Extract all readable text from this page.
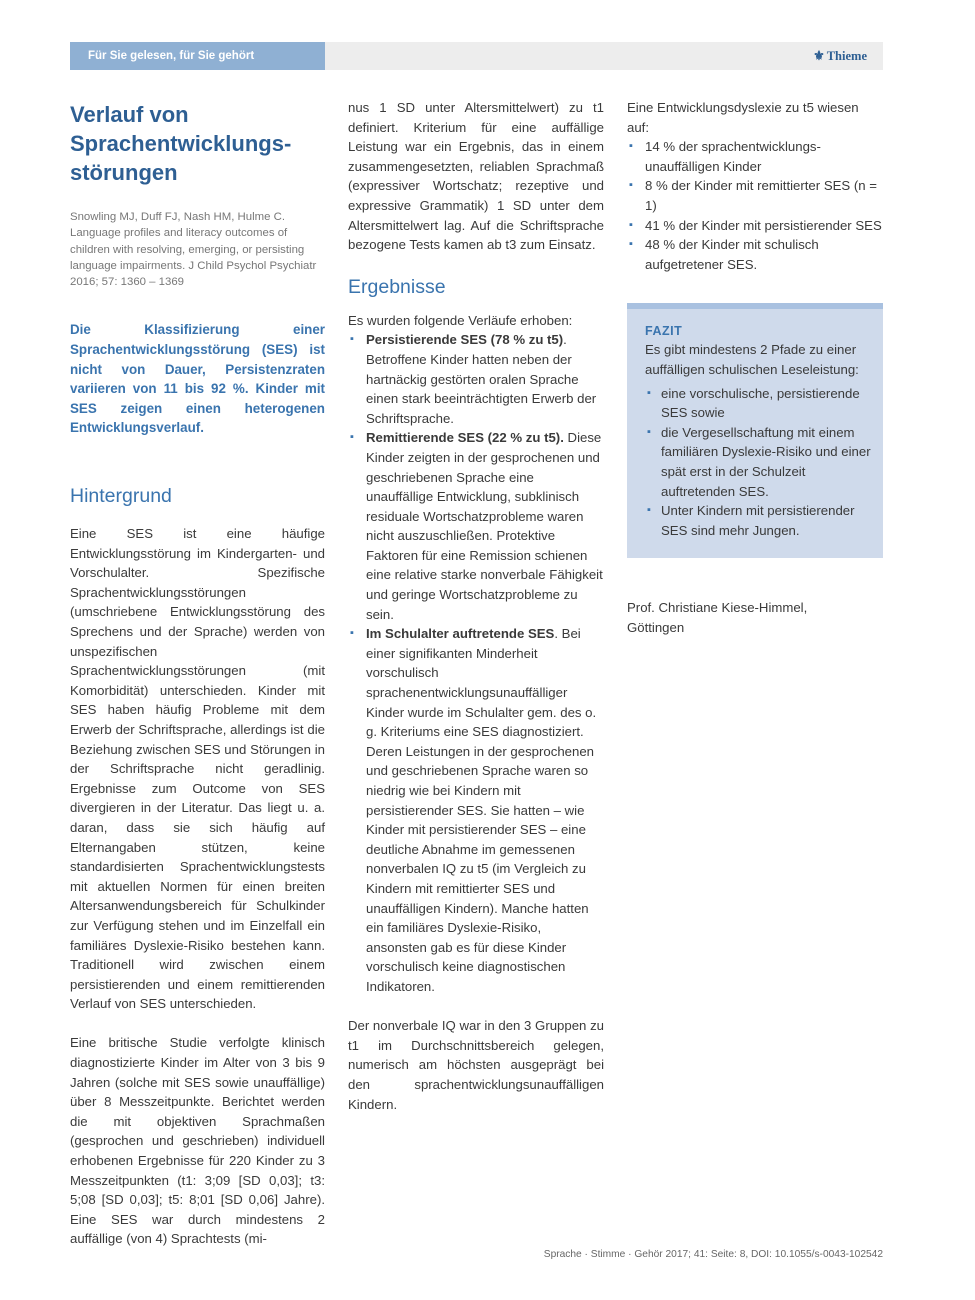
Für Sie gelesen, für Sie gehört	⚜ Thieme
Verlauf von
Sprachentwicklungs-
störungen
Snowling MJ, Duff FJ, Nash HM, Hulme C. Language profiles and literacy outcomes of children with resolving, emerging, or persisting language impairments. J Child Psychol Psychiatr 2016; 57: 1360 – 1369

Die Klassifizierung einer Sprachentwicklungsstörung (SES) ist nicht von Dauer, Persistenzraten variieren von 11 bis 92 %. Kinder mit SES zeigen einen heterogenen Entwicklungsverlauf.

Hintergrund

Eine SES ist eine häufige Entwicklungsstörung im Kindergarten- und Vorschulalter. Spezifische Sprachentwicklungsstörungen (umschriebene Entwicklungsstörung des Sprechens und der Sprache) werden von unspezifischen Sprachentwicklungsstörungen (mit Komorbidität) unterschieden. Kinder mit SES haben häufig Probleme mit dem Erwerb der Schriftsprache, allerdings ist die Beziehung zwischen SES und Störungen in der Schriftsprache nicht geradlinig. Ergebnisse zum Outcome von SES divergieren in der Literatur. Das liegt u. a. daran, dass sie sich häufig auf Elternangaben stützen, keine standardisierten Sprachentwicklungstests mit aktuellen Normen für einen breiten Altersanwendungsbereich für Schulkinder zur Verfügung stehen und im Einzelfall ein familiäres Dyslexie-Risiko bestehen kann. Traditionell wird zwischen einem persistierenden und einem remittierenden Verlauf von SES unterschieden.

Eine britische Studie verfolgte klinisch diagnostizierte Kinder im Alter von 3 bis 9 Jahren (solche mit SES sowie unauffällige) über 8 Messzeitpunkte. Berichtet werden die mit objektiven Sprachmaßen (gesprochen und geschrieben) individuell erhobenen Ergebnisse für 220 Kinder zu 3 Messzeitpunkten (t1: 3;09 [SD 0,03]; t3: 5;08 [SD 0,03]; t5: 8;01 [SD 0,06] Jahre). Eine SES war durch mindestens 2 auffällige (von 4) Sprachtests (mi-

nus 1 SD unter Altersmittelwert) zu t1 definiert. Kriterium für eine auffällige Leistung war ein Ergebnis, das in einem zusammengesetzten, reliablen Sprachmaß (expressiver Wortschatz; rezeptive und expressive Grammatik) 1 SD unter dem Altersmittelwert lag. Auf die Schriftsprache bezogene Tests kamen ab t3 zum Einsatz.

Ergebnisse

Es wurden folgende Verläufe erhoben:

▪ Persistierende SES (78 % zu t5). Betroffene Kinder hatten neben der hartnäckig gestörten oralen Sprache einen stark beeinträchtigten Erwerb der Schriftsprache.
▪ Remittierende SES (22 % zu t5). Diese Kinder zeigten in der gesprochenen und geschriebenen Sprache eine unauffällige Entwicklung, subklinisch residuale Wortschatzprobleme waren nicht auszuschließen. Protektive Faktoren für eine Remission schienen eine relative starke nonverbale Fähigkeit und geringe Wortschatzprobleme zu sein.
▪ Im Schulalter auftretende SES. Bei einer signifikanten Minderheit vorschulisch sprachenentwicklungsunauffälliger Kinder wurde im Schulalter gem. des o. g. Kriteriums eine SES diagnostiziert. Deren Leistungen in der gesprochenen und geschriebenen Sprache waren so niedrig wie bei Kindern mit persistierender SES. Sie hatten – wie Kinder mit persistierender SES – eine deutliche Abnahme im gemessenen nonverbalen IQ zu t5 (im Vergleich zu Kindern mit remittierter SES und unauffälligen Kindern). Manche hatten ein familiäres Dyslexie-Risiko, ansonsten gab es für diese Kinder vorschulisch keine diagnostischen Indikatoren.

Der nonverbale IQ war in den 3 Gruppen zu t1 im Durchschnittsbereich gelegen, numerisch am höchsten ausgeprägt bei den sprachentwicklungsunauffälligen Kindern.

Eine Entwicklungsdyslexie zu t5 wiesen auf:

▪ 14 % der sprachentwicklungs-unauffälligen Kinder
▪ 8 % der Kinder mit remittierter SES (n = 1)
▪ 41 % der Kinder mit persistierender SES
▪ 48 % der Kinder mit schulisch aufgetretener SES.
FAZIT

Es gibt mindestens 2 Pfade zu einer auffälligen schulischen Leseleistung:

▪ eine vorschulische, persistierende SES sowie
▪ die Vergesellschaftung mit einem familiären Dyslexie-Risiko und einer spät erst in der Schulzeit auftretenden SES.
▪ Unter Kindern mit persistierender SES sind mehr Jungen.
Prof. Christiane Kiese-Himmel,
Göttingen
Sprache · Stimme · Gehör 2017; 41: Seite: 8, DOI: 10.1055/s-0043-102542
